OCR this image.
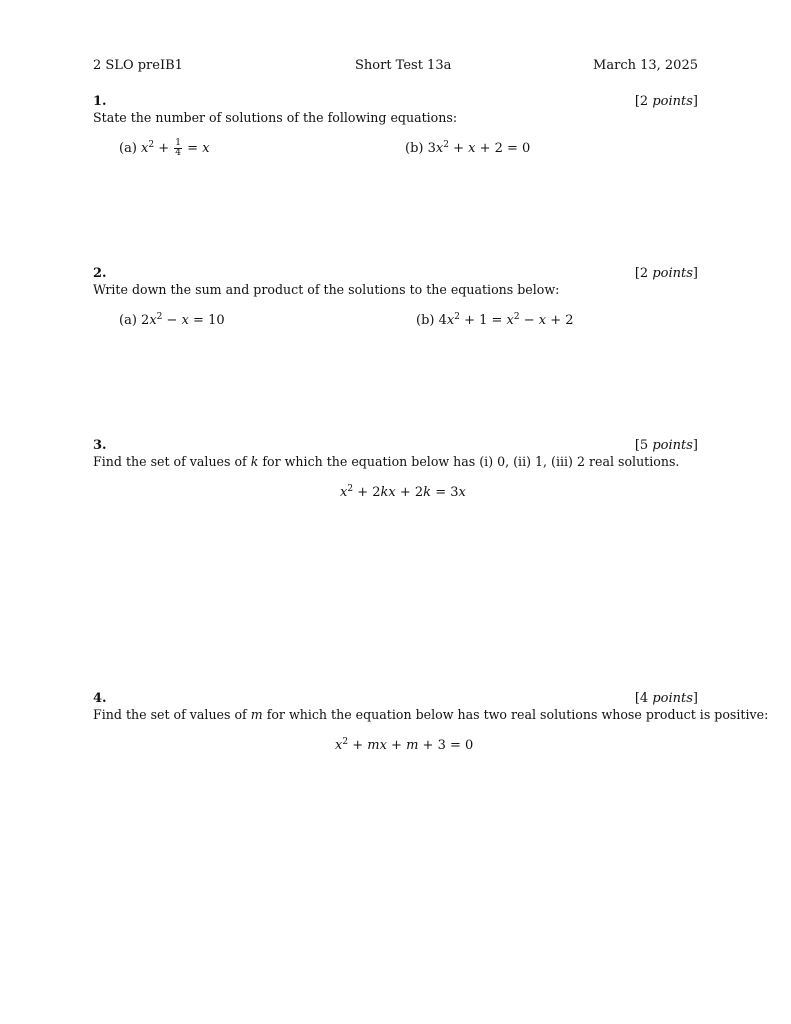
2 SLO preIB1	Short Test 13a	March 13, 2025
1.	[2 points]
State the number of solutions of the following equations:
(a) $x^2 + \frac{1}{4} = x$	(b) $3x^2 + x + 2 = 0$
2.	[2 points]
Write down the sum and product of the solutions to the equations below:
(a) $2x^2 - x = 10$	(b) $4x^2 + 1 = x^2 - x + 2$
3.	[5 points]
Find the set of values of k for which the equation below has (i) 0, (ii) 1, (iii) 2 real solutions.
$x^2 + 2kx + 2k = 3x$
4.	[4 points]
Find the set of values of m for which the equation below has two real solutions whose product is positive:
$x^2$ + mx + m + 3 = 0
